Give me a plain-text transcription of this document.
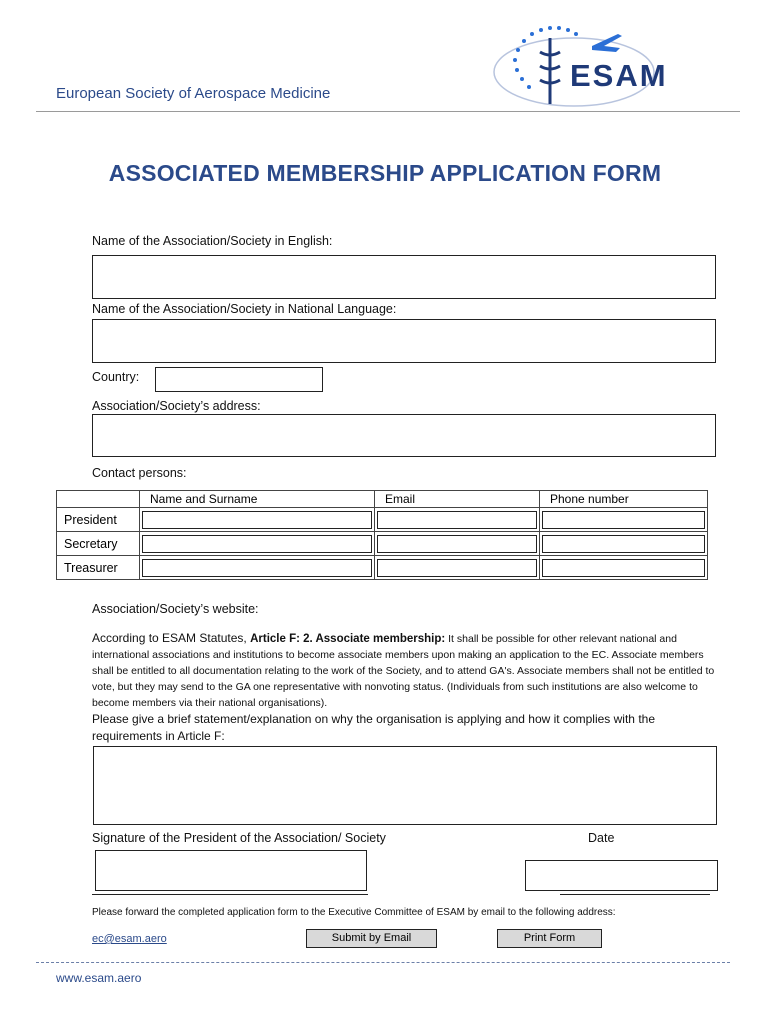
European Society of Aerospace Medicine
ESAM
ASSOCIATED MEMBERSHIP APPLICATION FORM
Name of the Association/Society in English:
Name of the Association/Society in National Language:
Country:
Association/Society’s address:
Contact persons:
	Name and Surname	Email	Phone number
President	

Secretary	

Treasurer	

Association/Society’s website:
According to ESAM Statutes, Article F: 2. Associate membership: It shall be possible for other relevant national and international associations and institutions to become associate members upon making an application to the EC. Associate members shall be entitled to all documentation relating to the work of the Society, and to attend GA's. Associate members shall not be entitled to vote, but they may send to the GA one representative with nonvoting status. (Individuals from such institutions are also welcome to become members via their national organisations).
Please give a brief statement/explanation on why the organisation is applying and how it complies with the requirements in Article F:
Signature of the President of the Association/ Society	Date
Please forward the completed application form to the Executive Committee of ESAM by email to the following address:
ec@esam.aero	Submit by Email	Print Form
www.esam.aero
